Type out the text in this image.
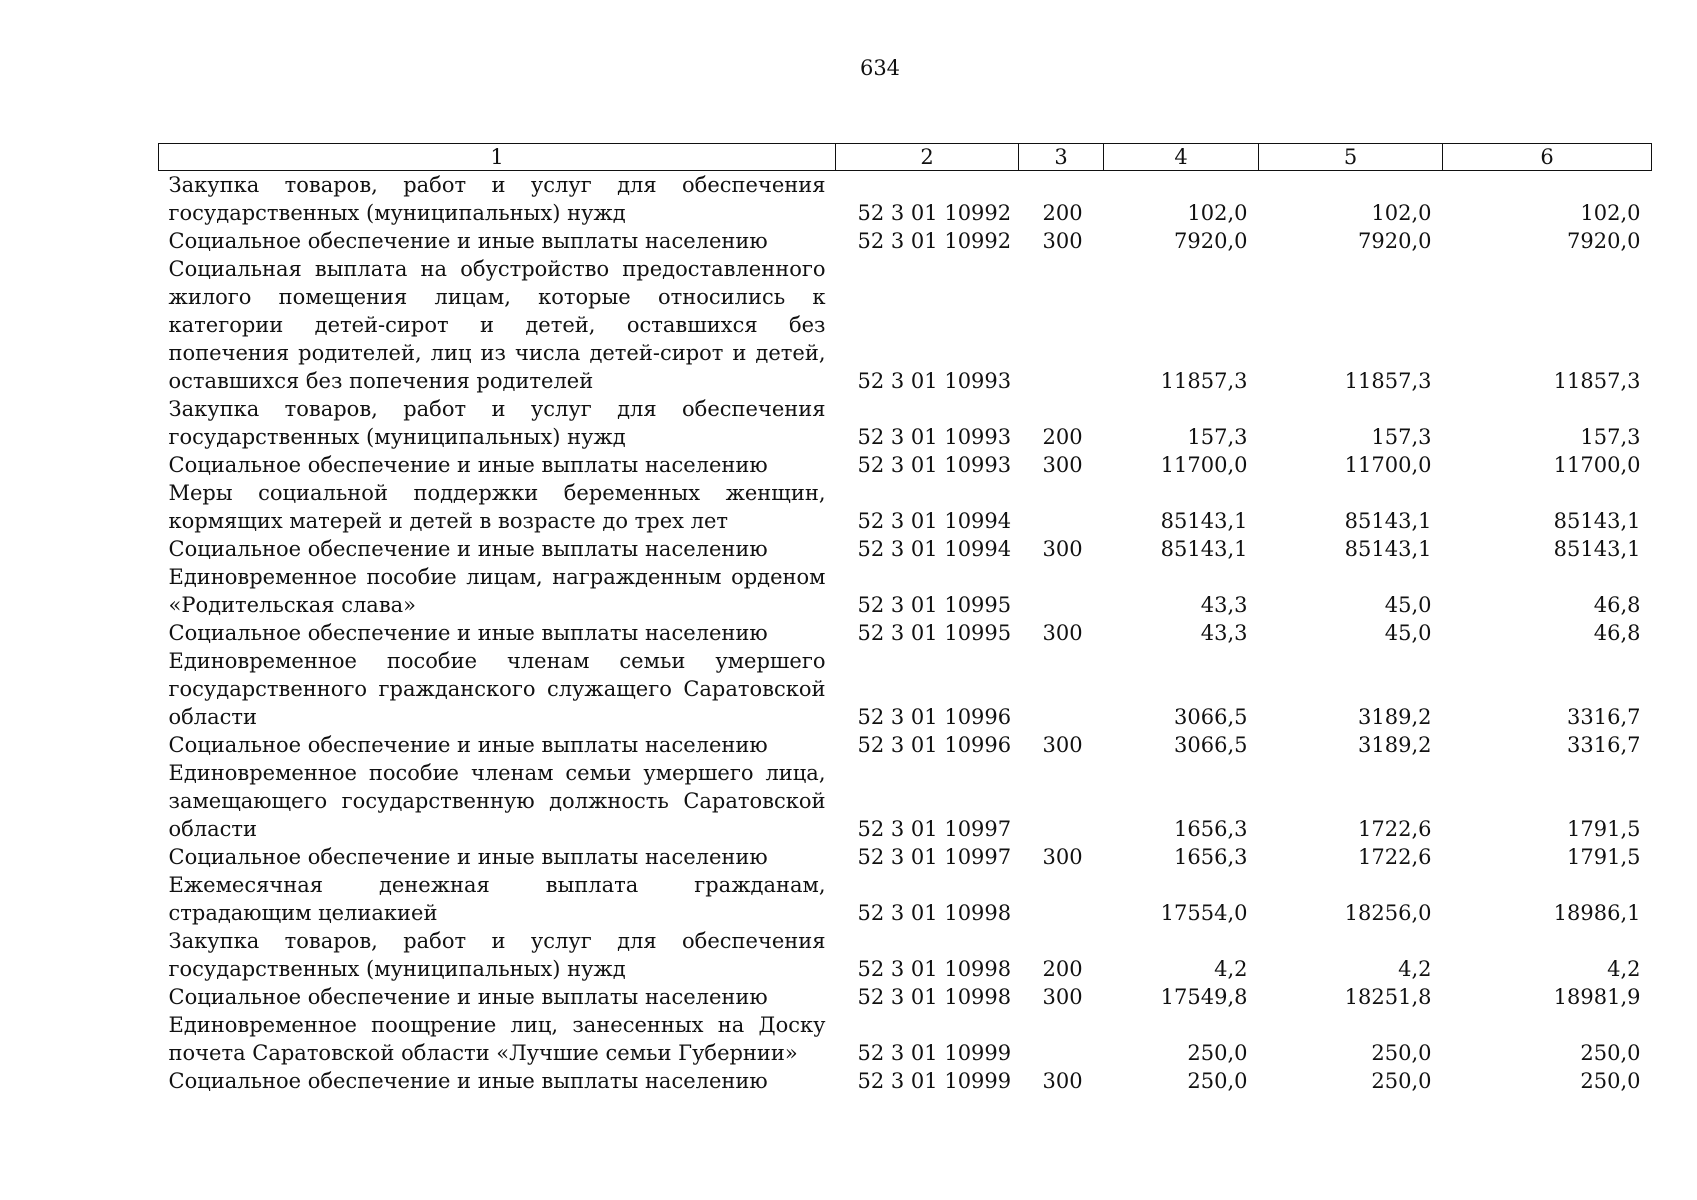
634
1	2	3	4	5	6
Закупка товаров, работ и услуг для обеспечения государственных (муниципальных) нужд	52 3 01 10992	200	102,0	102,0	102,0
Социальное обеспечение и иные выплаты населению	52 3 01 10992	300	7920,0	7920,0	7920,0
Социальная выплата на обустройство предоставленного жилого помещения лицам, которые относились к категории детей-сирот и детей, оставшихся без попечения родителей, лиц из числа детей-сирот и детей, оставшихся без попечения родителей	52 3 01 10993		11857,3	11857,3	11857,3
Закупка товаров, работ и услуг для обеспечения государственных (муниципальных) нужд	52 3 01 10993	200	157,3	157,3	157,3
Социальное обеспечение и иные выплаты населению	52 3 01 10993	300	11700,0	11700,0	11700,0
Меры социальной поддержки беременных женщин, кормящих матерей и детей в возрасте до трех лет	52 3 01 10994		85143,1	85143,1	85143,1
Социальное обеспечение и иные выплаты населению	52 3 01 10994	300	85143,1	85143,1	85143,1
Единовременное пособие лицам, награжденным орденом «Родительская слава»	52 3 01 10995		43,3	45,0	46,8
Социальное обеспечение и иные выплаты населению	52 3 01 10995	300	43,3	45,0	46,8
Единовременное пособие членам семьи умершего государственного гражданского служащего Саратовской области	52 3 01 10996		3066,5	3189,2	3316,7
Социальное обеспечение и иные выплаты населению	52 3 01 10996	300	3066,5	3189,2	3316,7
Единовременное пособие членам семьи умершего лица, замещающего государственную должность Саратовской области	52 3 01 10997		1656,3	1722,6	1791,5
Социальное обеспечение и иные выплаты населению	52 3 01 10997	300	1656,3	1722,6	1791,5
Ежемесячная денежная выплата гражданам, страдающим целиакией	52 3 01 10998		17554,0	18256,0	18986,1
Закупка товаров, работ и услуг для обеспечения государственных (муниципальных) нужд	52 3 01 10998	200	4,2	4,2	4,2
Социальное обеспечение и иные выплаты населению	52 3 01 10998	300	17549,8	18251,8	18981,9
Единовременное поощрение лиц, занесенных на Доску почета Саратовской области «Лучшие семьи Губернии»	52 3 01 10999		250,0	250,0	250,0
Социальное обеспечение и иные выплаты населению	52 3 01 10999	300	250,0	250,0	250,0
